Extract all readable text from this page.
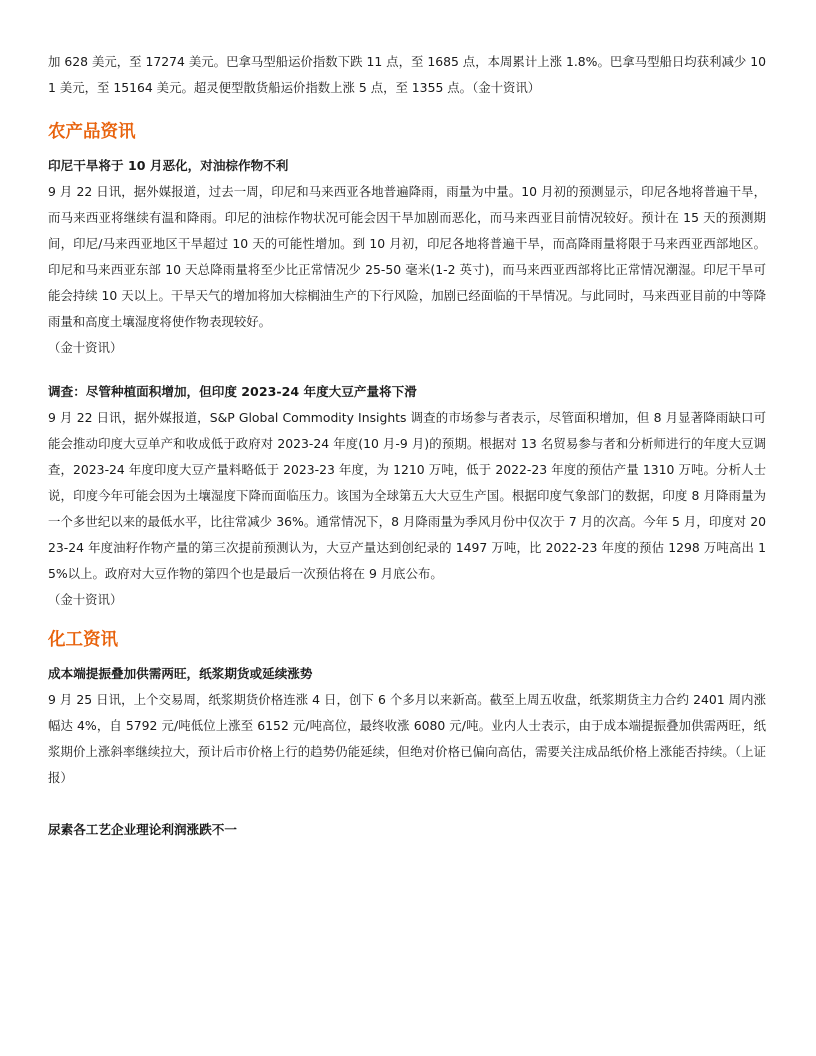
加 628 美元，至 17274 美元。巴拿马型船运价指数下跌 11 点，至 1685 点，本周累计上涨 1.8%。巴拿马型船日均获利减少 101 美元，至 15164 美元。超灵便型散货船运价指数上涨 5 点，至 1355 点。（金十资讯）

农产品资讯
印尼干旱将于 10 月恶化，对油棕作物不利

9 月 22 日讯，据外媒报道，过去一周，印尼和马来西亚各地普遍降雨，雨量为中量。10 月初的预测显示，印尼各地将普遍干旱，而马来西亚将继续有温和降雨。印尼的油棕作物状况可能会因干旱加剧而恶化，而马来西亚目前情况较好。预计在 15 天的预测期间，印尼/马来西亚地区干旱超过 10 天的可能性增加。到 10 月初，印尼各地将普遍干旱，而高降雨量将限于马来西亚西部地区。印尼和马来西亚东部 10 天总降雨量将至少比正常情况少 25-50 毫米(1-2 英寸)，而马来西亚西部将比正常情况潮湿。印尼干旱可能会持续 10 天以上。干旱天气的增加将加大棕榈油生产的下行风险，加剧已经面临的干旱情况。与此同时，马来西亚目前的中等降雨量和高度土壤湿度将使作物表现较好。

（金十资讯）

调查：尽管种植面积增加，但印度 2023-24 年度大豆产量将下滑

9 月 22 日讯，据外媒报道，S&P Global Commodity Insights 调查的市场参与者表示，尽管面积增加，但 8 月显著降雨缺口可能会推动印度大豆单产和收成低于政府对 2023-24 年度(10 月-9 月)的预期。根据对 13 名贸易参与者和分析师进行的年度大豆调查，2023-24 年度印度大豆产量料略低于 2023-23 年度，为 1210 万吨，低于 2022-23 年度的预估产量 1310 万吨。分析人士说，印度今年可能会因为土壤湿度下降而面临压力。该国为全球第五大大豆生产国。根据印度气象部门的数据，印度 8 月降雨量为一个多世纪以来的最低水平，比往常减少 36%。通常情况下，8 月降雨量为季风月份中仅次于 7 月的次高。今年 5 月，印度对 2023-24 年度油籽作物产量的第三次提前预测认为，大豆产量达到创纪录的 1497 万吨，比 2022-23 年度的预估 1298 万吨高出 15%以上。政府对大豆作物的第四个也是最后一次预估将在 9 月底公布。

（金十资讯）

化工资讯
成本端提振叠加供需两旺，纸浆期货或延续涨势

9 月 25 日讯，上个交易周，纸浆期货价格连涨 4 日，创下 6 个多月以来新高。截至上周五收盘，纸浆期货主力合约 2401 周内涨幅达 4%，自 5792 元/吨低位上涨至 6152 元/吨高位，最终收涨 6080 元/吨。业内人士表示，由于成本端提振叠加供需两旺，纸浆期价上涨斜率继续拉大，预计后市价格上行的趋势仍能延续，但绝对价格已偏向高估，需要关注成品纸价格上涨能否持续。（上证报）

尿素各工艺企业理论利润涨跌不一
